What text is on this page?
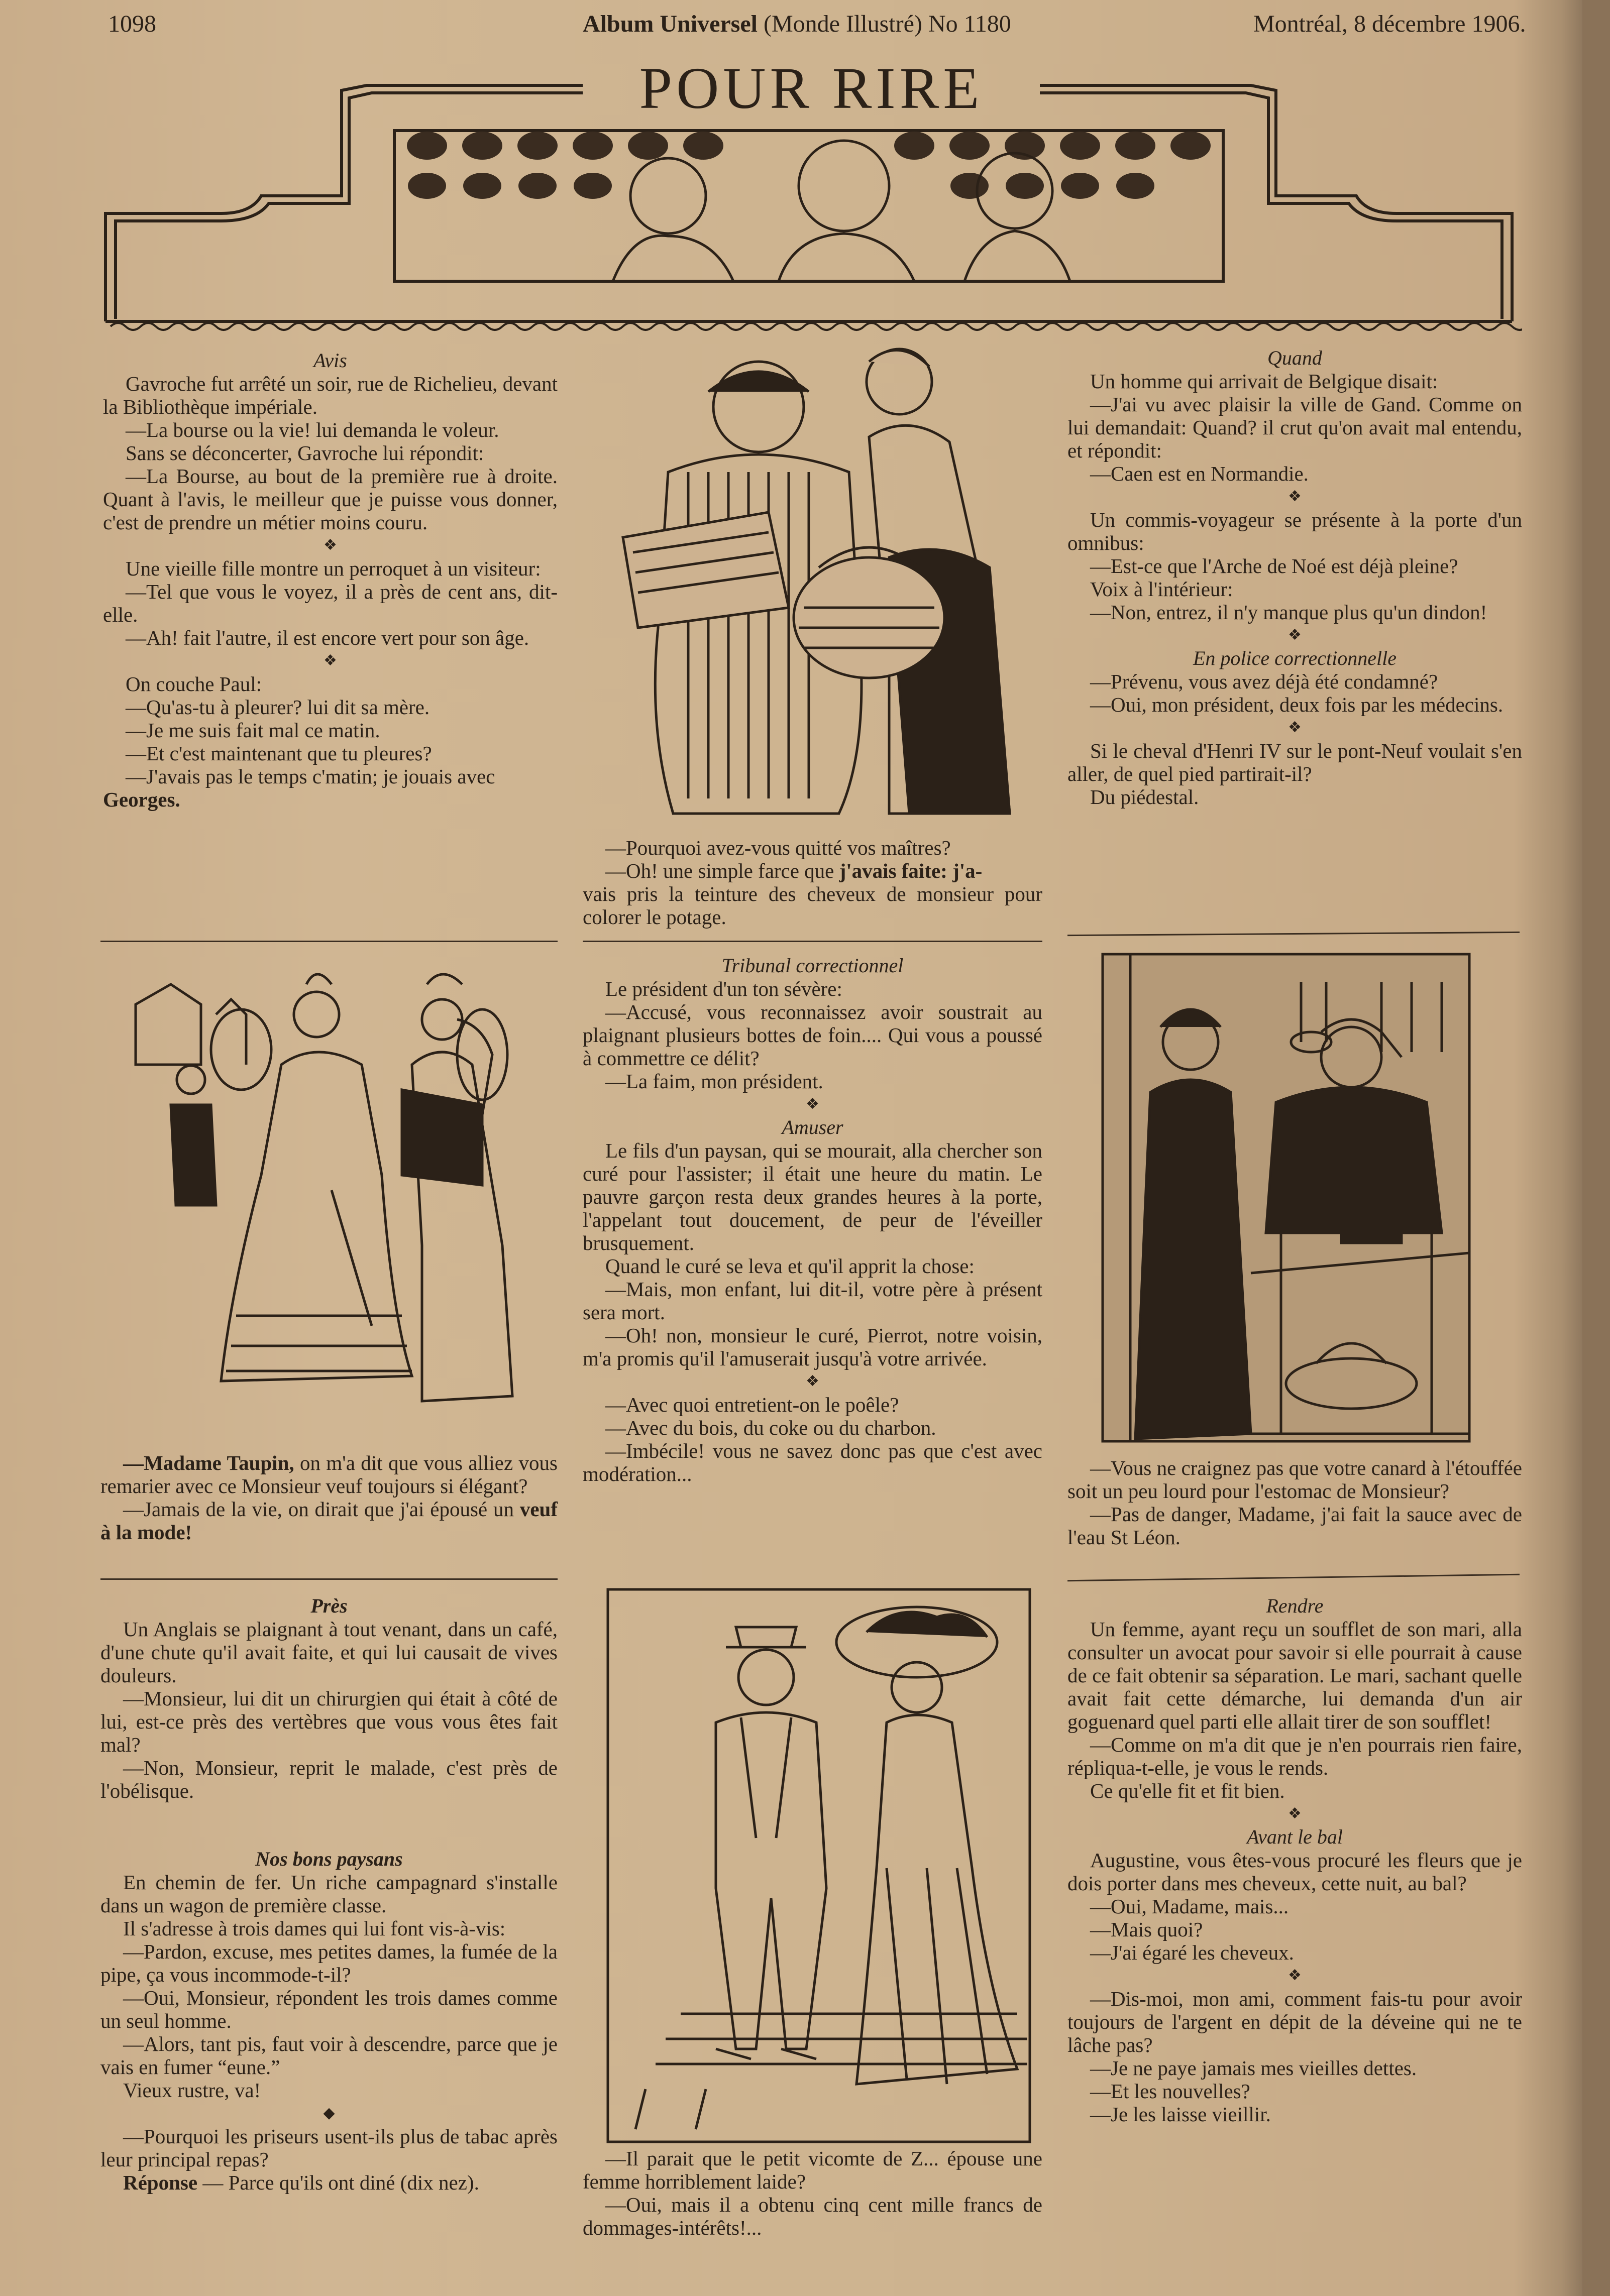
1098	Album Universel (Monde Illustré) No 1180	Montréal, 8 décembre 1906.
POUR RIRE

Avis

Gavroche fut arrêté un soir, rue de Richelieu, devant la Bibliothèque impériale.

—La bourse ou la vie! lui demanda le voleur.

Sans se déconcerter, Gavroche lui répondit:

—La Bourse, au bout de la première rue à droite. Quant à l'avis, le meilleur que je puisse vous donner, c'est de prendre un métier moins couru.

❖

Une vieille fille montre un perroquet à un visiteur:

—Tel que vous le voyez, il a près de cent ans, dit-elle.

—Ah! fait l'autre, il est encore vert pour son âge.

❖

On couche Paul:

—Qu'as-tu à pleurer? lui dit sa mère.

—Je me suis fait mal ce matin.

—Et c'est maintenant que tu pleures?

—J'avais pas le temps c'matin; je jouais avec

Georges.

—Madame Taupin, on m'a dit que vous alliez vous remarier avec ce Monsieur veuf toujours si élégant?

—Jamais de la vie, on dirait que j'ai épousé un veuf à la mode!

Près

Un Anglais se plaignant à tout venant, dans un café, d'une chute qu'il avait faite, et qui lui causait de vives douleurs.

—Monsieur, lui dit un chirurgien qui était à côté de lui, est-ce près des vertèbres que vous vous êtes fait mal?

—Non, Monsieur, reprit le malade, c'est près de l'obélisque.

Nos bons paysans

En chemin de fer. Un riche campagnard s'installe dans un wagon de première classe.

Il s'adresse à trois dames qui lui font vis-à-vis:

—Pardon, excuse, mes petites dames, la fumée de la pipe, ça vous incommode-t-il?

—Oui, Monsieur, répondent les trois dames comme un seul homme.

—Alors, tant pis, faut voir à descendre, parce que je vais en fumer “eune.”

Vieux rustre, va!

◆

—Pourquoi les priseurs usent-ils plus de tabac après leur principal repas?

Réponse — Parce qu'ils ont diné (dix nez).

—Pourquoi avez-vous quitté vos maîtres?

—Oh! une simple farce que j'avais faite: j'a-

vais pris la teinture des cheveux de monsieur pour colorer le potage.

Tribunal correctionnel

Le président d'un ton sévère:

—Accusé, vous reconnaissez avoir soustrait au plaignant plusieurs bottes de foin.... Qui vous a poussé à commettre ce délit?

—La faim, mon président.

❖

Amuser

Le fils d'un paysan, qui se mourait, alla chercher son curé pour l'assister; il était une heure du matin. Le pauvre garçon resta deux grandes heures à la porte, l'appelant tout doucement, de peur de l'éveiller brusquement.

Quand le curé se leva et qu'il apprit la chose:

—Mais, mon enfant, lui dit-il, votre père à présent sera mort.

—Oh! non, monsieur le curé, Pierrot, notre voisin, m'a promis qu'il l'amuserait jusqu'à votre arrivée.

❖

—Avec quoi entretient-on le poêle?

—Avec du bois, du coke ou du charbon.

—Imbécile! vous ne savez donc pas que c'est avec modération...

—Il parait que le petit vicomte de Z... épouse une femme horriblement laide?

—Oui, mais il a obtenu cinq cent mille francs de dommages-intérêts!...

Quand

Un homme qui arrivait de Belgique disait:

—J'ai vu avec plaisir la ville de Gand. Comme on lui demandait: Quand? il crut qu'on avait mal entendu, et répondit:

—Caen est en Normandie.

❖

Un commis-voyageur se présente à la porte d'un omnibus:

—Est-ce que l'Arche de Noé est déjà pleine?

Voix à l'intérieur:

—Non, entrez, il n'y manque plus qu'un dindon!

❖

En police correctionnelle

—Prévenu, vous avez déjà été condamné?

—Oui, mon président, deux fois par les médecins.

❖

Si le cheval d'Henri IV sur le pont-Neuf voulait s'en aller, de quel pied partirait-il?

Du piédestal.

—Vous ne craignez pas que votre canard à l'étouffée soit un peu lourd pour l'estomac de Monsieur?

—Pas de danger, Madame, j'ai fait la sauce avec de l'eau St Léon.

Rendre

Un femme, ayant reçu un soufflet de son mari, alla consulter un avocat pour savoir si elle pourrait à cause de ce fait obtenir sa séparation. Le mari, sachant quelle avait fait cette démarche, lui demanda d'un air goguenard quel parti elle allait tirer de son soufflet!

—Comme on m'a dit que je n'en pourrais rien faire, répliqua-t-elle, je vous le rends.

Ce qu'elle fit et fit bien.

❖

Avant le bal

Augustine, vous êtes-vous procuré les fleurs que je dois porter dans mes cheveux, cette nuit, au bal?

—Oui, Madame, mais...

—Mais quoi?

—J'ai égaré les cheveux.

❖

—Dis-moi, mon ami, comment fais-tu pour avoir toujours de l'argent en dépit de la déveine qui ne te lâche pas?

—Je ne paye jamais mes vieilles dettes.

—Et les nouvelles?

—Je les laisse vieillir.
